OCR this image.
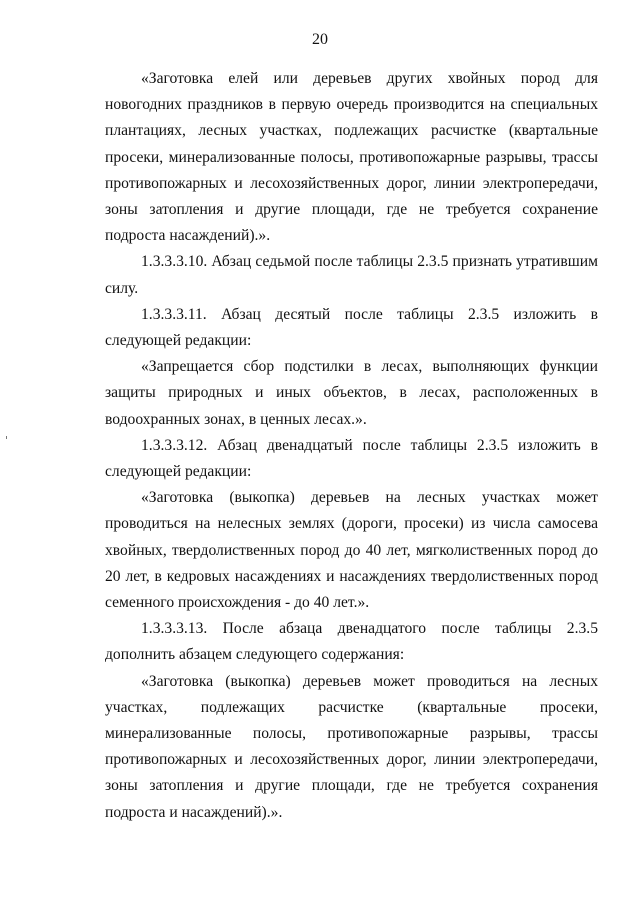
20

«Заготовка елей или деревьев других хвойных пород для новогодних праздников в первую очередь производится на специальных плантациях, лесных участках, подлежащих расчистке (квартальные просеки, минерализованные полосы, противопожарные разрывы, трассы противопожарных и лесохозяйственных дорог, линии электропередачи, зоны затопления и другие площади, где не требуется сохранение подроста насаждений).».

1.3.3.3.10. Абзац седьмой после таблицы 2.3.5 признать утратившим силу.

1.3.3.3.11. Абзац десятый после таблицы 2.3.5 изложить в следующей редакции:

«Запрещается сбор подстилки в лесах, выполняющих функции защиты природных и иных объектов, в лесах, расположенных в водоохранных зонах, в ценных лесах.».

1.3.3.3.12. Абзац двенадцатый после таблицы 2.3.5 изложить в следующей редакции:

«Заготовка (выкопка) деревьев на лесных участках может проводиться на нелесных землях (дороги, просеки) из числа самосева хвойных, твердолиственных пород до 40 лет, мягколиственных пород до 20 лет, в кедровых насаждениях и насаждениях твердолиственных пород семенного происхождения - до 40 лет.».

1.3.3.3.13. После абзаца двенадцатого после таблицы 2.3.5 дополнить абзацем следующего содержания:

«Заготовка (выкопка) деревьев может проводиться на лесных участках, подлежащих расчистке (квартальные просеки, минерализованные полосы, противопожарные разрывы, трассы противопожарных и лесохозяйственных дорог, линии электропередачи, зоны затопления и другие площади, где не требуется сохранения подроста и насаждений).».
